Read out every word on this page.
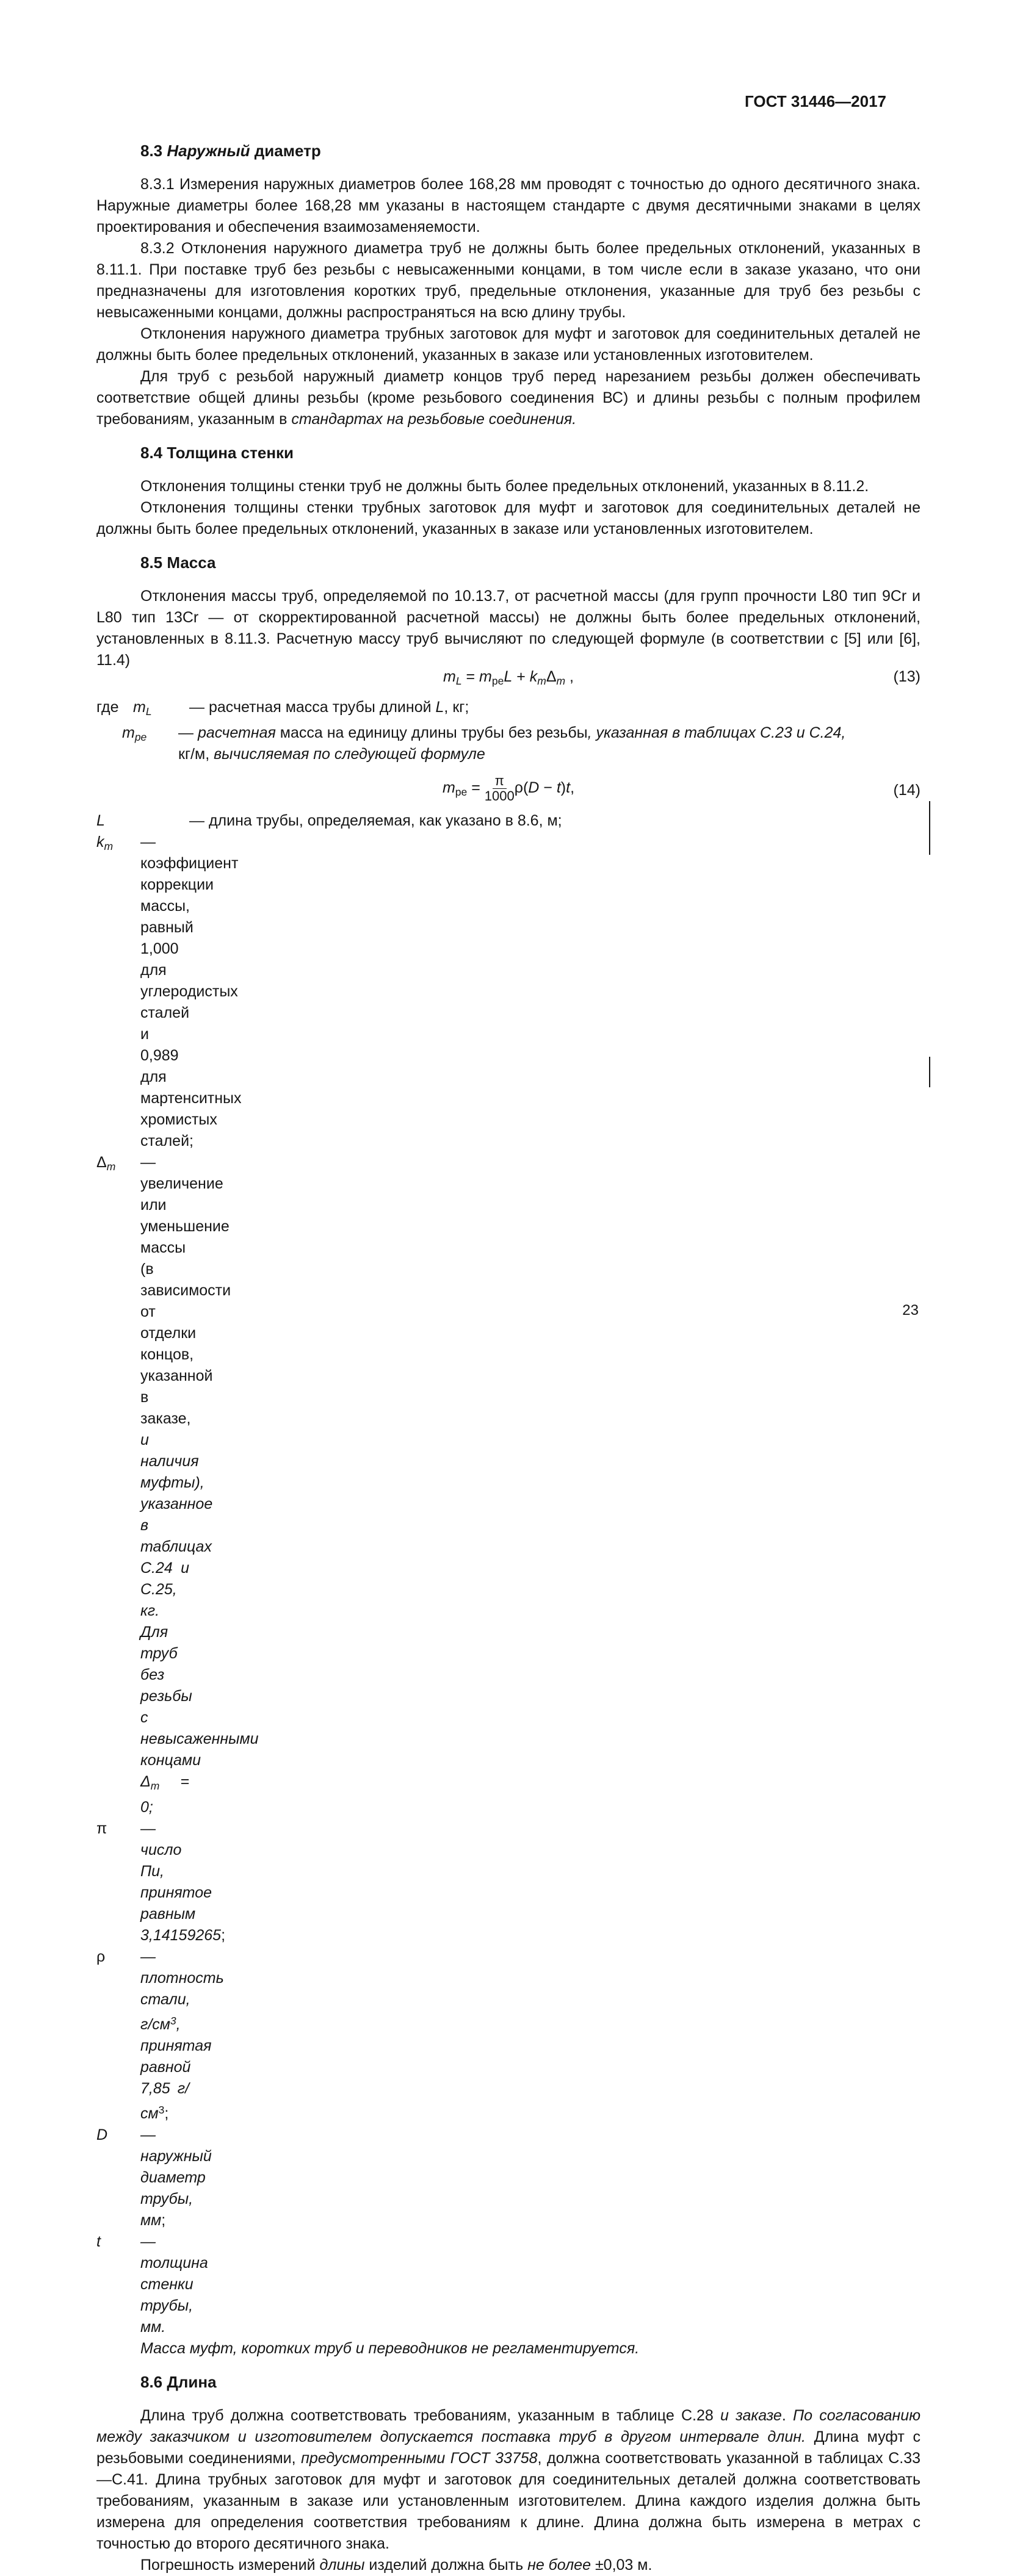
ГОСТ 31446—2017
8.3 Наружный диаметр

8.3.1 Измерения наружных диаметров более 168,28 мм проводят с точностью до одного десятичного знака. Наружные диаметры более 168,28 мм указаны в настоящем стандарте с двумя десятичными знаками в целях проектирования и обеспечения взаимозаменяемости.

8.3.2 Отклонения наружного диаметра труб не должны быть более предельных отклонений, указанных в 8.11.1. При поставке труб без резьбы с невысаженными концами, в том числе если в заказе указано, что они предназначены для изготовления коротких труб, предельные отклонения, указанные для труб без резьбы с невысаженными концами, должны распространяться на всю длину трубы.

Отклонения наружного диаметра трубных заготовок для муфт и заготовок для соединительных деталей не должны быть более предельных отклонений, указанных в заказе или установленных изготовителем.

Для труб с резьбой наружный диаметр концов труб перед нарезанием резьбы должен обеспечивать соответствие общей длины резьбы (кроме резьбового соединения ВС) и длины резьбы с полным профилем требованиям, указанным в стандартах на резьбовые соединения.

8.4 Толщина стенки

Отклонения толщины стенки труб не должны быть более предельных отклонений, указанных в 8.11.2.

Отклонения толщины стенки трубных заготовок для муфт и заготовок для соединительных деталей не должны быть более предельных отклонений, указанных в заказе или установленных изготовителем.

8.5 Масса

Отклонения массы труб, определяемой по 10.13.7, от расчетной массы (для групп прочности L80 тип 9Cr и L80 тип 13Cr — от скорректированной расчетной массы) не должны быть более предельных отклонений, установленных в 8.11.3. Расчетную массу труб вычисляют по следующей формуле (в соответствии с [5] или [6], 11.4)

$m_L = m_{pe}L + k_m\Delta_m$ ,	(13)
где $m_L$	— расчетная масса трубы длиной L, кг;
$m_{pe}$	— расчетная масса на единицу длины трубы без резьбы, указанная в таблицах С.23 и С.24,
кг/м, вычисляемая по следующей формуле
$m_{pe} = \frac{\pi}{1000} \rho(D - t)t$,	(14)
L	— длина трубы, определяемая, как указано в 8.6, м;
$k_m$	— коэффициент коррекции массы, равный 1,000 для углеродистых сталей и 0,989 для мартенситных хромистых сталей;
$\Delta_m$	— увеличение или уменьшение массы (в зависимости от отделки концов, указанной в заказе, и наличия муфты), указанное в таблицах С.24 и С.25, кг. Для труб без резьбы с невысаженными концами $\Delta_m = 0$;
π	— число Пи, принятое равным 3,14159265;
ρ	— плотность стали, $г/см^3$, принятая равной 7,85 $г/см^3$;
D	— наружный диаметр трубы, мм;
t	— толщина стенки трубы, мм.
Масса муфт, коротких труб и переводников не регламентируется.
8.6 Длина

Длина труб должна соответствовать требованиям, указанным в таблице С.28 и заказе. По согласованию между заказчиком и изготовителем допускается поставка труб в другом интервале длин. Длина муфт с резьбовыми соединениями, предусмотренными ГОСТ 33758, должна соответствовать указанной в таблицах С.33—С.41. Длина трубных заготовок для муфт и заготовок для соединительных деталей должна соответствовать требованиям, указанным в заказе или установленным изготовителем. Длина каждого изделия должна быть измерена для определения соответствия требованиям к длине. Длина должна быть измерена в метрах с точностью до второго десятичного знака.

Погрешность измерений длины изделий должна быть не более ±0,03 м.

23
